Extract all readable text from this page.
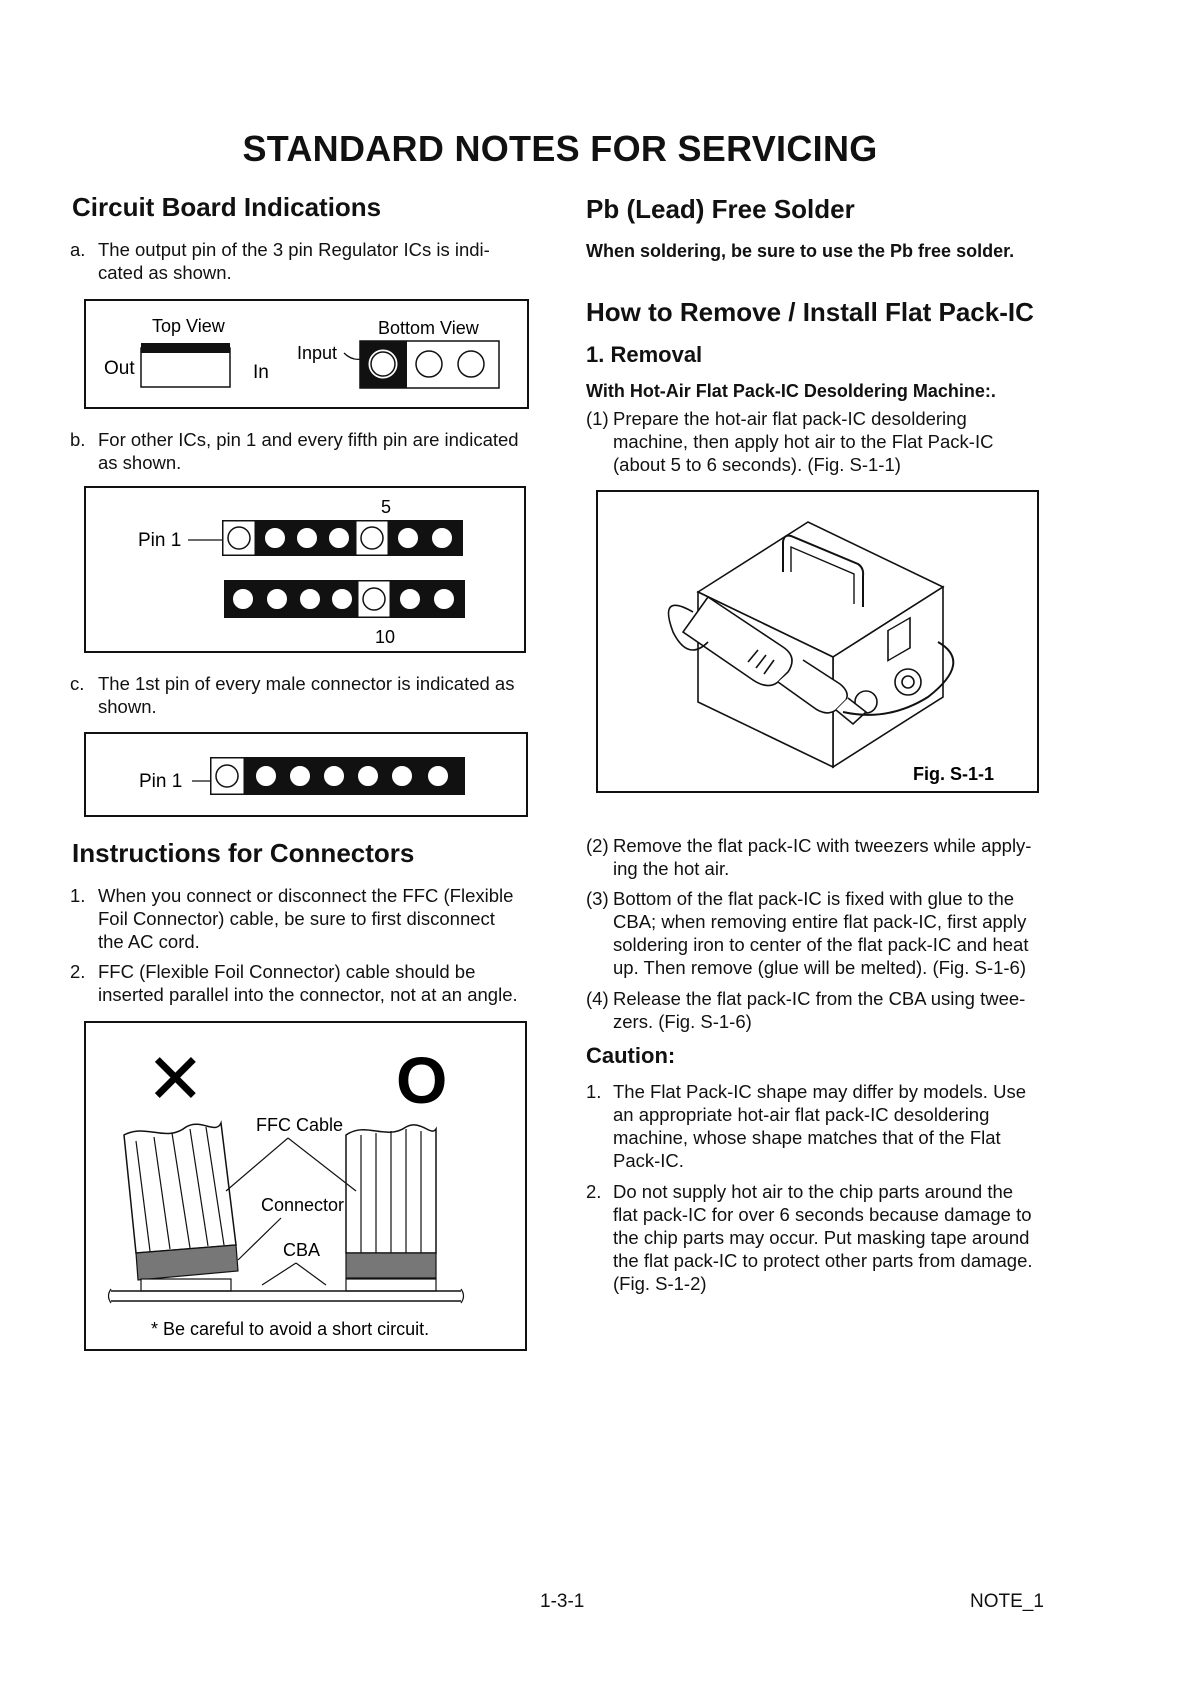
STANDARD NOTES FOR SERVICING
Circuit Board Indications
a. The output pin of the 3 pin Regulator ICs is indi-
cated as shown.
Top View	Bottom View
Out	In
Input
b. For other ICs, pin 1 and every fifth pin are indicated
as shown.
5
Pin 1
10
c. The 1st pin of every male connector is indicated as
shown.
Pin 1
Instructions for Connectors
1. When you connect or disconnect the FFC (Flexible
Foil Connector) cable, be sure to first disconnect
the AC cord.
2. FFC (Flexible Foil Connector) cable should be
inserted parallel into the connector, not at an angle.
✕	O
FFC Cable
Connector
CBA
* Be careful to avoid a short circuit.
Pb (Lead) Free Solder
When soldering, be sure to use the Pb free solder.
How to Remove / Install Flat Pack-IC
1. Removal
With Hot-Air Flat Pack-IC Desoldering Machine:.
(1) Prepare the hot-air flat pack-IC desoldering
machine, then apply hot air to the Flat Pack-IC
(about 5 to 6 seconds). (Fig. S-1-1)
Fig. S-1-1
(2) Remove the flat pack-IC with tweezers while apply-
ing the hot air.
(3) Bottom of the flat pack-IC is fixed with glue to the
CBA; when removing entire flat pack-IC, first apply
soldering iron to center of the flat pack-IC and heat
up. Then remove (glue will be melted). (Fig. S-1-6)
(4) Release the flat pack-IC from the CBA using twee-
zers. (Fig. S-1-6)
Caution:
1. The Flat Pack-IC shape may differ by models. Use
an appropriate hot-air flat pack-IC desoldering
machine, whose shape matches that of the Flat
Pack-IC.
2. Do not supply hot air to the chip parts around the
flat pack-IC for over 6 seconds because damage to
the chip parts may occur. Put masking tape around
the flat pack-IC to protect other parts from damage.
(Fig. S-1-2)
1-3-1	NOTE_1
